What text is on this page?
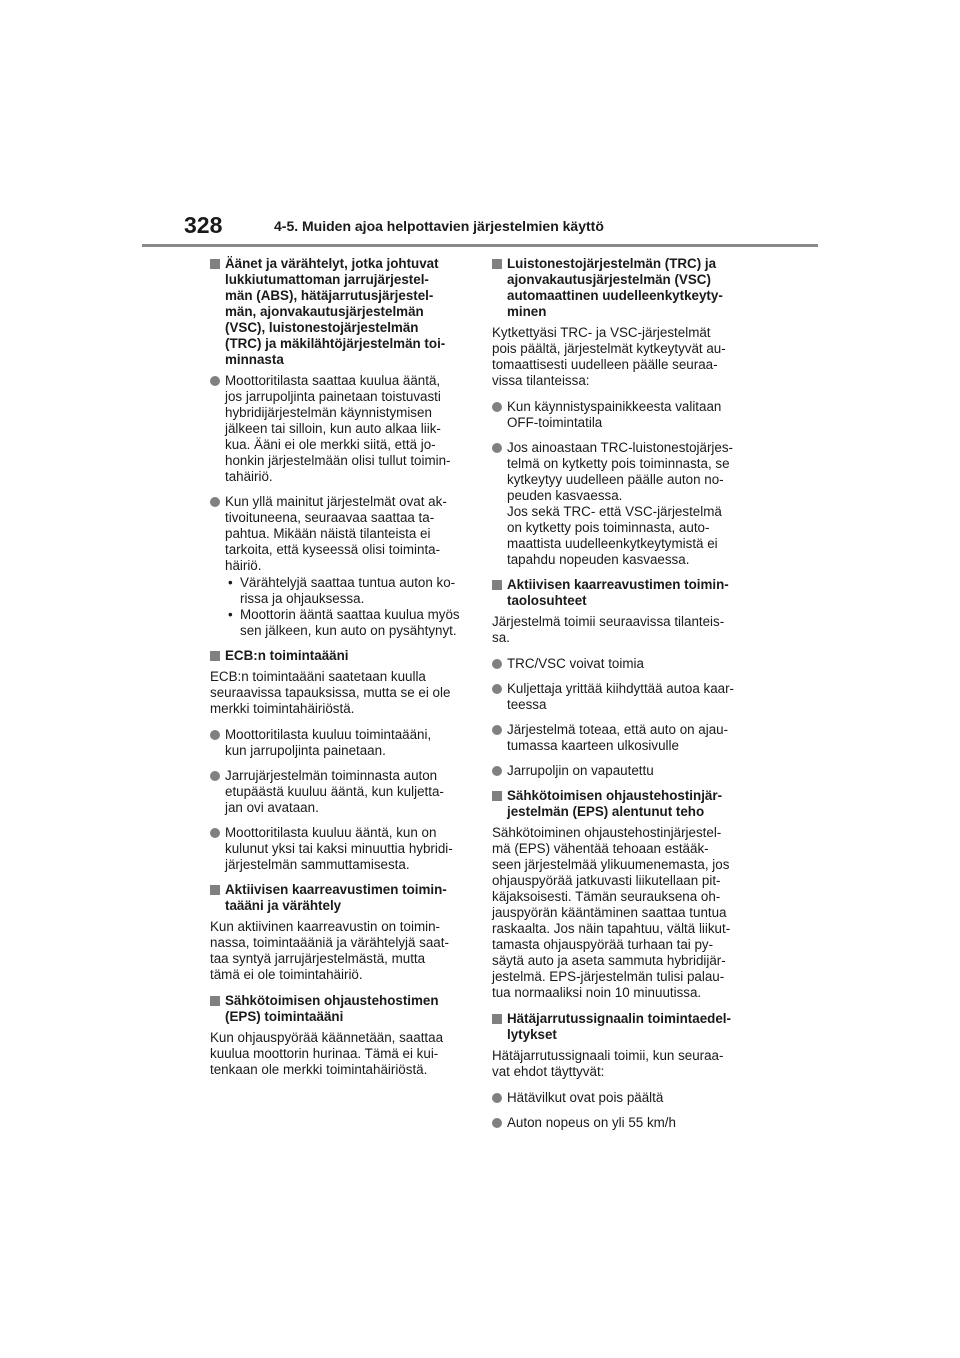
328	4-5. Muiden ajoa helpottavien järjestelmien käyttö
Äänet ja värähtelyt, jotka johtuvat
lukkiutumattoman jarrujärjestel-
män (ABS), hätäjarrutusjärjestel-
män, ajonvakautusjärjestelmän
(VSC), luistonestojärjestelmän
(TRC) ja mäkilähtöjärjestelmän toi-
minnasta
Moottoritilasta saattaa kuulua ääntä,
jos jarrupoljinta painetaan toistuvasti
hybridijärjestelmän käynnistymisen
jälkeen tai silloin, kun auto alkaa liik-
kua. Ääni ei ole merkki siitä, että jo-
honkin järjestelmään olisi tullut toimin-
tahäiriö.
Kun yllä mainitut järjestelmät ovat ak-
tivoituneena, seuraavaa saattaa ta-
pahtua. Mikään näistä tilanteista ei
tarkoita, että kyseessä olisi toiminta-
häiriö.
• Värähtelyjä saattaa tuntua auton ko-
rissa ja ohjauksessa.
• Moottorin ääntä saattaa kuulua myös
sen jälkeen, kun auto on pysähtynyt.
ECB:n toimintaääni
ECB:n toimintaääni saatetaan kuulla
seuraavissa tapauksissa, mutta se ei ole
merkki toimintahäiriöstä.
Moottoritilasta kuuluu toimintaääni,
kun jarrupoljinta painetaan.
Jarrujärjestelmän toiminnasta auton
etupäästä kuuluu ääntä, kun kuljetta-
jan ovi avataan.
Moottoritilasta kuuluu ääntä, kun on
kulunut yksi tai kaksi minuuttia hybridi-
järjestelmän sammuttamisesta.
Aktiivisen kaarreavustimen toimin-
taääni ja värähtely
Kun aktiivinen kaarreavustin on toimin-
nassa, toimintaääniä ja värähtelyjä saat-
taa syntyä jarrujärjestelmästä, mutta
tämä ei ole toimintahäiriö.
Sähkötoimisen ohjaustehostimen
(EPS) toimintaääni
Kun ohjauspyörää käännetään, saattaa
kuulua moottorin hurinaa. Tämä ei kui-
tenkaan ole merkki toimintahäiriöstä.
Luistonestojärjestelmän (TRC) ja
ajonvakautusjärjestelmän (VSC)
automaattinen uudelleenkytkeyty-
minen
Kytkettyäsi TRC- ja VSC-järjestelmät
pois päältä, järjestelmät kytkeytyvät au-
tomaattisesti uudelleen päälle seuraa-
vissa tilanteissa:
Kun käynnistyspainikkeesta valitaan
OFF-toimintatila
Jos ainoastaan TRC-luistonestojärjes-
telmä on kytketty pois toiminnasta, se
kytkeytyy uudelleen päälle auton no-
peuden kasvaessa.
Jos sekä TRC- että VSC-järjestelmä
on kytketty pois toiminnasta, auto-
maattista uudelleenkytkeytymistä ei
tapahdu nopeuden kasvaessa.
Aktiivisen kaarreavustimen toimin-
taolosuhteet
Järjestelmä toimii seuraavissa tilanteis-
sa.
TRC/VSC voivat toimia
Kuljettaja yrittää kiihdyttää autoa kaar-
teessa
Järjestelmä toteaa, että auto on ajau-
tumassa kaarteen ulkosivulle
Jarrupoljin on vapautettu
Sähkötoimisen ohjaustehostinjär-
jestelmän (EPS) alentunut teho
Sähkötoiminen ohjaustehostinjärjestel-
mä (EPS) vähentää tehoaan estääk-
seen järjestelmää ylikuumenemasta, jos
ohjauspyörää jatkuvasti liikutellaan pit-
käjaksoisesti. Tämän seurauksena oh-
jauspyörän kääntäminen saattaa tuntua
raskaalta. Jos näin tapahtuu, vältä liikut-
tamasta ohjauspyörää turhaan tai py-
säytä auto ja aseta sammuta hybridijär-
jestelmä. EPS-järjestelmän tulisi palau-
tua normaaliksi noin 10 minuutissa.
Hätäjarrutussignaalin toimintaedel-
lytykset
Hätäjarrutussignaali toimii, kun seuraa-
vat ehdot täyttyvät:
Hätävilkut ovat pois päältä
Auton nopeus on yli 55 km/h
